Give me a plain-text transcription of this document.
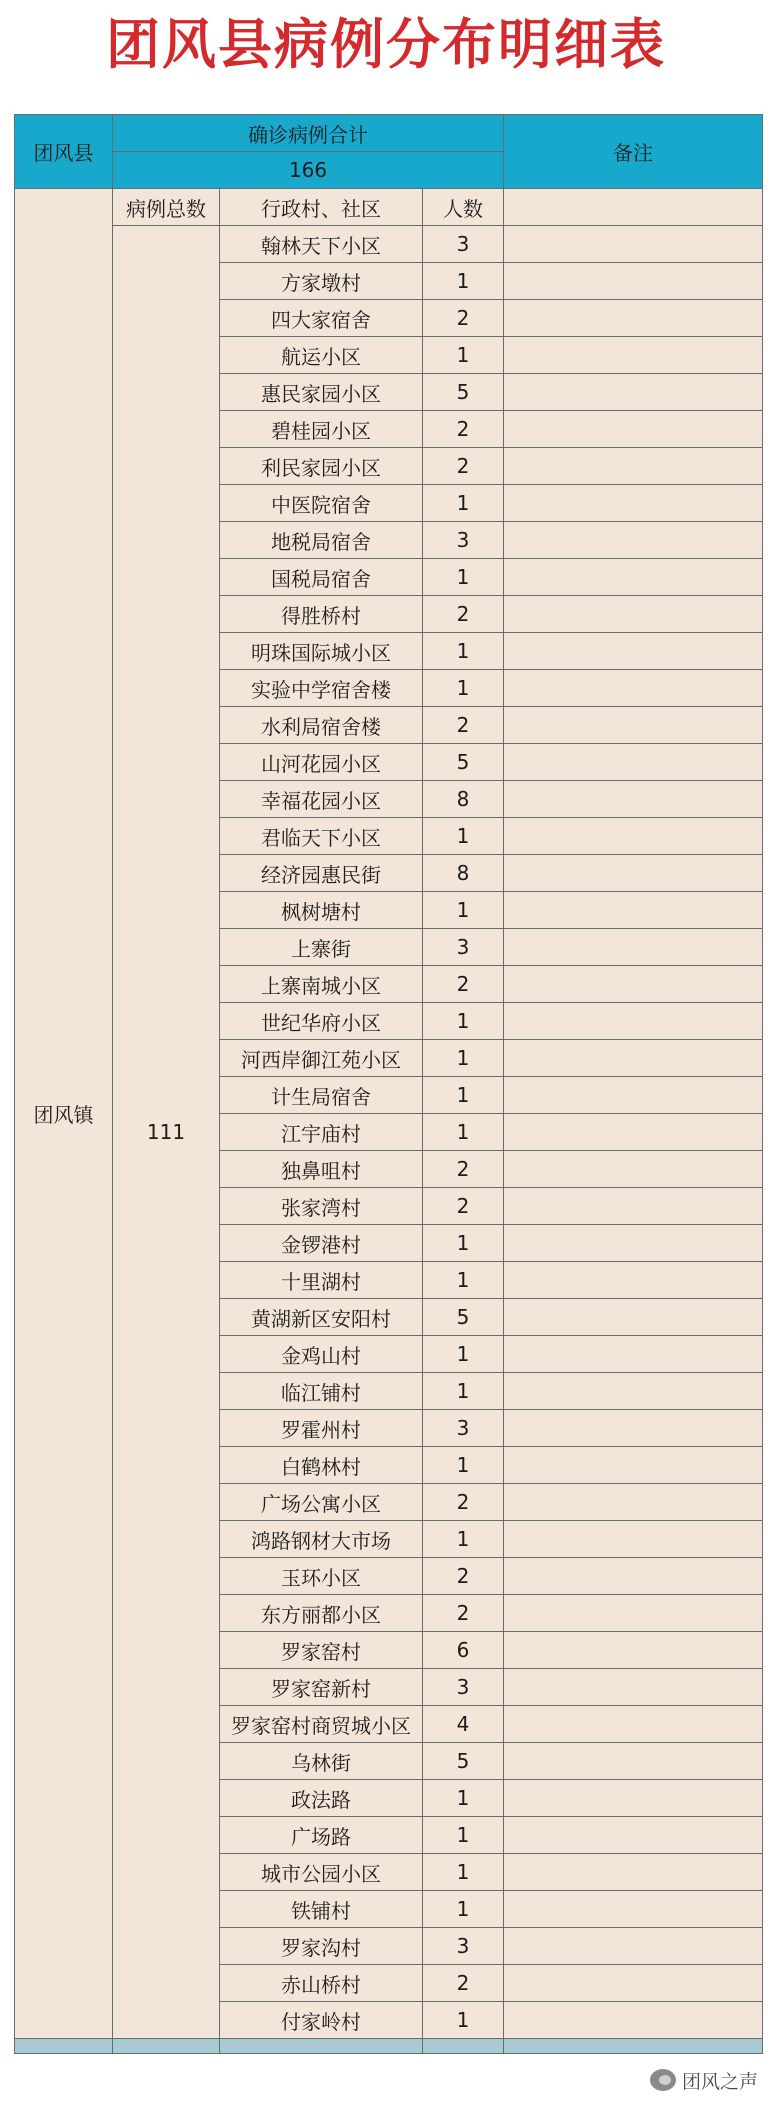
团风县病例分布明细表
团风县	确诊病例合计			备注
	166			
团风镇	病例总数	行政村、社区	人数	
	111	翰林天下小区	3	
		方家墩村	1	
		四大家宿舍	2	
		航运小区	1	
		惠民家园小区	5	
		碧桂园小区	2	
		利民家园小区	2	
		中医院宿舍	1	
		地税局宿舍	3	
		国税局宿舍	1	
		得胜桥村	2	
		明珠国际城小区	1	
		实验中学宿舍楼	1	
		水利局宿舍楼	2	
		山河花园小区	5	
		幸福花园小区	8	
		君临天下小区	1	
		经济园惠民街	8	
		枫树塘村	1	
		上寨街	3	
		上寨南城小区	2	
		世纪华府小区	1	
		河西岸御江苑小区	1	
		计生局宿舍	1	
		江宇庙村	1	
		独鼻咀村	2	
		张家湾村	2	
		金锣港村	1	
		十里湖村	1	
		黄湖新区安阳村	5	
		金鸡山村	1	
		临江铺村	1	
		罗霍州村	3	
		白鹤林村	1	
		广场公寓小区	2	
		鸿路钢材大市场	1	
		玉环小区	2	
		东方丽都小区	2	
		罗家窑村	6	
		罗家窑新村	3	
		罗家窑村商贸城小区	4	
		乌林街	5	
		政法路	1	
		广场路	1	
		城市公园小区	1	
		铁铺村	1	
		罗家沟村	3	
		赤山桥村	2	
		付家岭村	1	

团风之声
